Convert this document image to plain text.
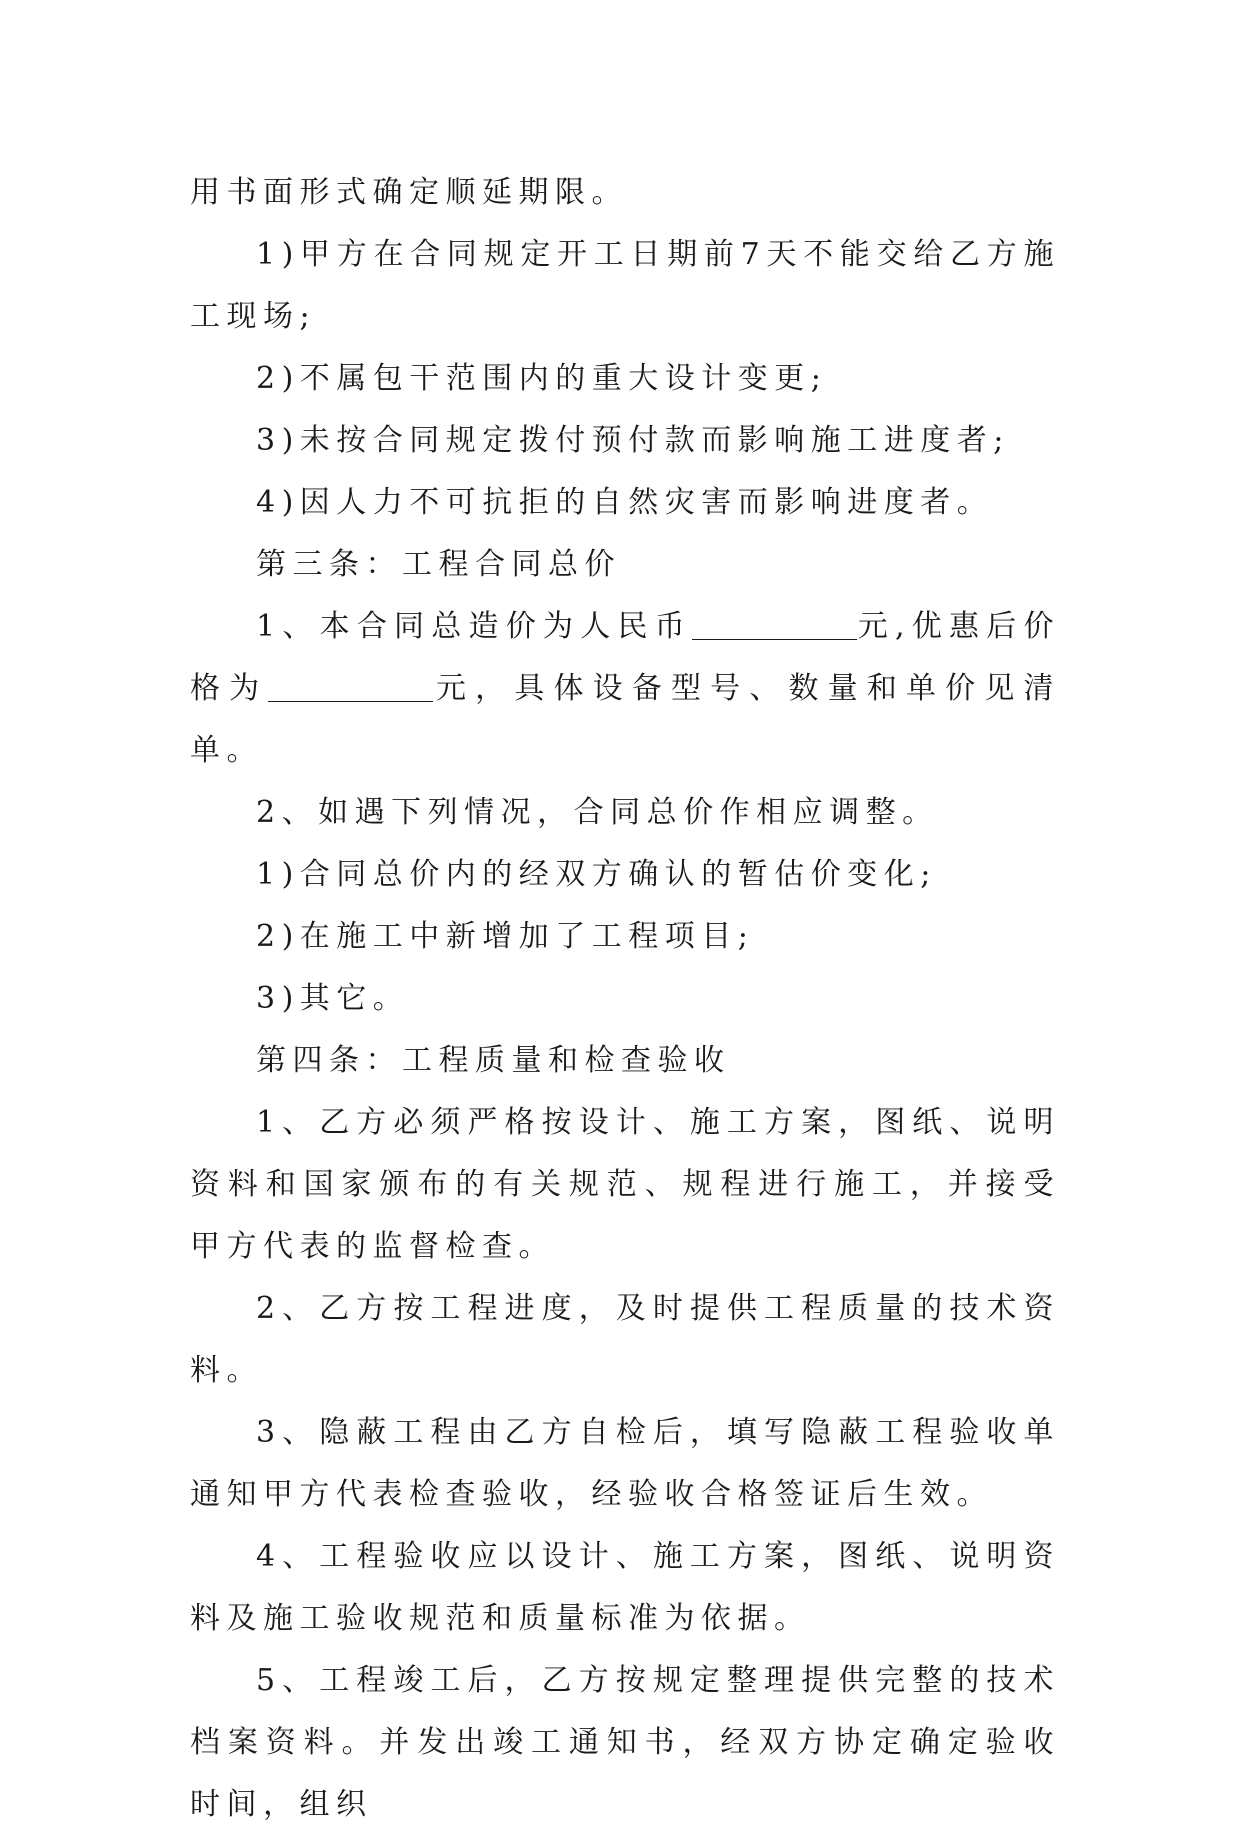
用书面形式确定顺延期限。

1)甲方在合同规定开工日期前7天不能交给乙方施工现场;

2)不属包干范围内的重大设计变更;

3)未按合同规定拨付预付款而影响施工进度者;

4)因人力不可抗拒的自然灾害而影响进度者。

第三条：工程合同总价

1、本合同总造价为人民币	元,优惠后价格为	元，具体设备型号、数量和单价见清单。

2、如遇下列情况，合同总价作相应调整。

1)合同总价内的经双方确认的暂估价变化;

2)在施工中新增加了工程项目;

3)其它。

第四条：工程质量和检查验收

1、乙方必须严格按设计、施工方案，图纸、说明资料和国家颁布的有关规范、规程进行施工，并接受甲方代表的监督检查。

2、乙方按工程进度，及时提供工程质量的技术资料。

3、隐蔽工程由乙方自检后，填写隐蔽工程验收单通知甲方代表检查验收，经验收合格签证后生效。

4、工程验收应以设计、施工方案，图纸、说明资料及施工验收规范和质量标准为依据。

5、工程竣工后，乙方按规定整理提供完整的技术档案资料。并发出竣工通知书，经双方协定确定验收时间，组织
